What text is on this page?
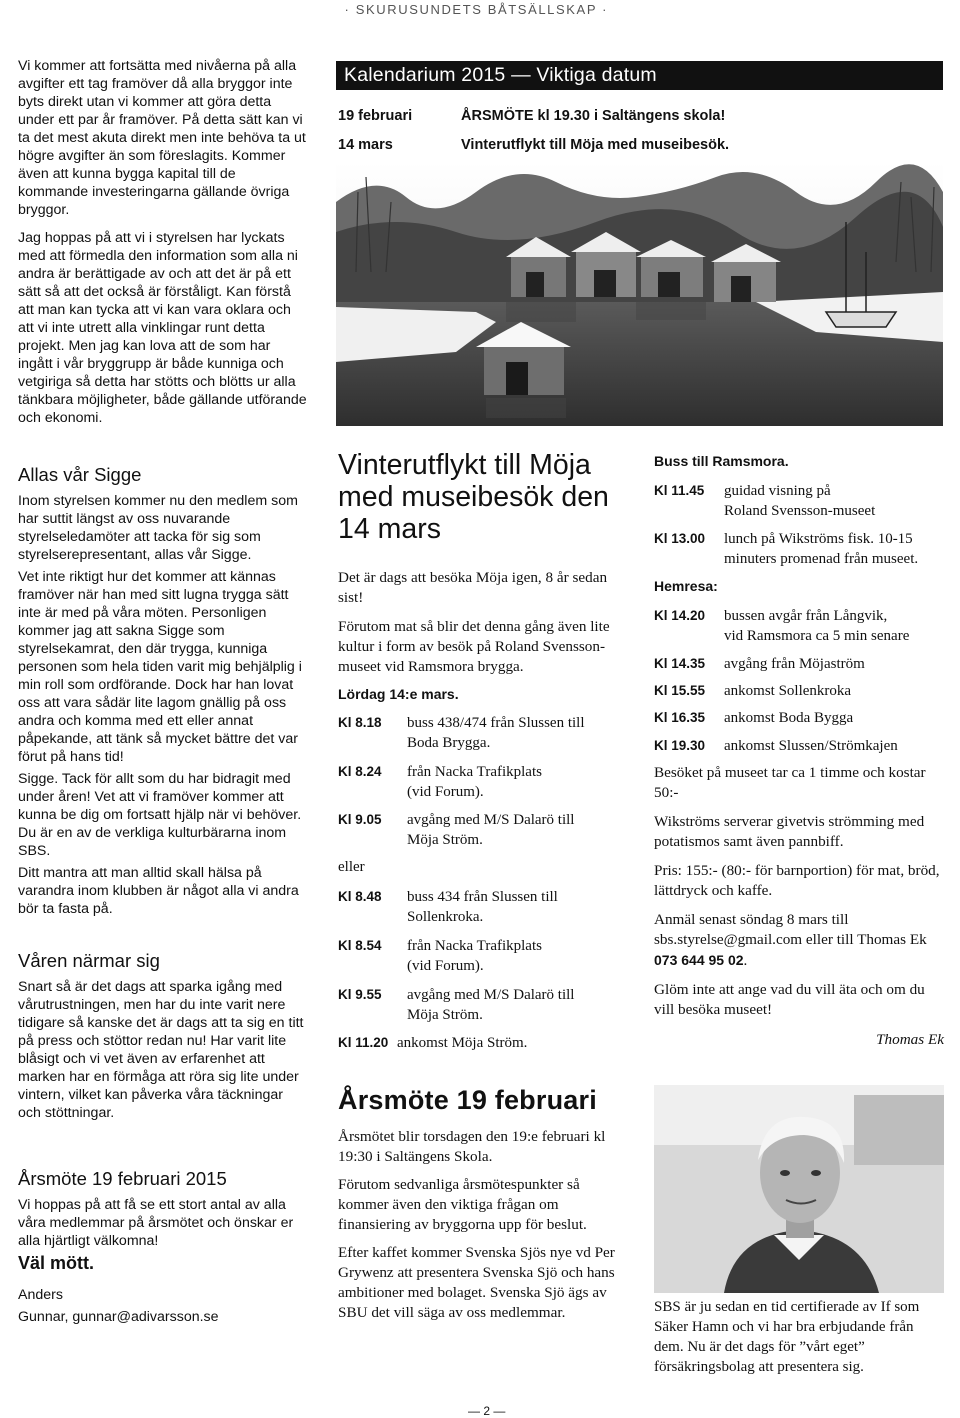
· SKURUSUNDETS BÅTSÄLLSKAP ·

Vi kommer att fortsätta med nivåerna på alla avgifter ett tag framöver då alla bryggor inte byts direkt utan vi kommer att göra detta under ett par år framöver. På detta sätt kan vi ta det mest akuta direkt men inte behöva ta ut högre avgifter än som föreslagits. Kommer även att kunna bygga kapital till de kommande investeringarna gällande övriga bryggor.

Jag hoppas på att vi i styrelsen har lyckats med att förmedla den information som alla ni andra är berättigade av och att det är på ett sätt så att det också är förståligt. Kan förstå att man kan tycka att vi kan vara oklara och att vi inte utrett alla vinklingar runt detta projekt. Men jag kan lova att de som har ingått i vår bryggrupp är både kunniga och vetgiriga så detta har stötts och blötts ur alla tänkbara möjligheter, både gällande utförande och ekonomi.

Allas vår Sigge

Inom styrelsen kommer nu den medlem som har suttit längst av oss nuvarande styrelseledamöter att tacka för sig som styrelserepresentant, allas vår Sigge.

Vet inte riktigt hur det kommer att kännas framöver när han med sitt lugna trygga sätt inte är med på våra möten. Personligen kommer jag att sakna Sigge som styrelsekamrat, den där trygga, kunniga personen som hela tiden varit mig behjälplig i min roll som ordförande. Dock har han lovat oss att vara sådär lite lagom gnällig på oss andra och komma med ett eller annat påpekande, att tänk så mycket bättre det var förut på hans tid!

Sigge. Tack för allt som du har bidragit med under åren! Vet att vi framöver kommer att kunna be dig om fortsatt hjälp när vi behöver. Du är en av de verkliga kulturbärarna inom SBS.

Ditt mantra att man alltid skall hälsa på varandra inom klubben är något alla vi andra bör ta fasta på.

Våren närmar sig

Snart så är det dags att sparka igång med vårutrustningen, men har du inte varit nere tidigare så kanske det är dags att ta sig en titt på press och stöttor redan nu! Har varit lite blåsigt och vi vet även av erfarenhet att marken har en förmåga att röra sig lite under vintern, vilket kan påverka våra täckningar och stöttningar.

Årsmöte 19 februari 2015

Vi hoppas på att få se ett stort antal av alla våra medlemmar på årsmötet och önskar er alla hjärtligt välkomna!

Väl mött.

Anders

Gunnar, gunnar@adivarsson.se

Kalendarium 2015 — Viktiga datum
19 februari	ÅRSMÖTE kl 19.30 i Saltängens skola!
14 mars	Vinterutflykt till Möja med museibesök.
Vinterutflykt till Möja med museibesök den 14 mars

Det är dags att besöka Möja igen, 8 år sedan sist!

Förutom mat så blir det denna gång även lite kultur i form av besök på Roland Svensson-museet vid Ramsmora brygga.

Lördag 14:e mars.
Kl 8.18 buss 438/474 från Slussen till
Boda Brygga.
Kl 8.24 från Nacka Trafikplats
(vid Forum).
Kl 9.05 avgång med M/S Dalarö till
Möja Ström.
eller
Kl 8.48 buss 434 från Slussen till
Sollenkroka.
Kl 8.54 från Nacka Trafikplats
(vid Forum).
Kl 9.55 avgång med M/S Dalarö till
Möja Ström.
Kl 11.20 ankomst Möja Ström.
Årsmöte 19 februari

Årsmötet blir torsdagen den 19:e februari kl 19:30 i Saltängens Skola.

Förutom sedvanliga årsmötespunkter så kommer även den viktiga frågan om finansiering av bryggorna upp för beslut.

Efter kaffet kommer Svenska Sjös nye vd Per Grywenz att presentera Svenska Sjö och hans ambitioner med bolaget. Svenska Sjö ägs av SBU det vill säga av oss medlemmar.

Buss till Ramsmora.
Kl 11.45 guidad visning på
Roland Svensson-museet
Kl 13.00 lunch på Wikströms fisk. 10-15
minuters promenad från museet.
Hemresa:
Kl 14.20 bussen avgår från Långvik,
vid Ramsmora ca 5 min senare
Kl 14.35 avgång från Möjaström
Kl 15.55 ankomst Sollenkroka
Kl 16.35 ankomst Boda Bygga
Kl 19.30 ankomst Slussen/Strömkajen

Besöket på museet tar ca 1 timme och kostar 50:-

Wikströms serverar givetvis strömming med potatismos samt även pannbiff.

Pris: 155:- (80:- för barnportion) för mat, bröd, lättdryck och kaffe.

Anmäl senast söndag 8 mars till sbs.styrelse@gmail.com eller till Thomas Ek 073 644 95 02.

Glöm inte att ange vad du vill äta och om du vill besöka museet!

Thomas Ek

SBS är ju sedan en tid certifierade av If som Säker Hamn och vi har bra erbjudande från dem. Nu är det dags för ”vårt eget” försäkringsbolag att presentera sig.
— 2 —
